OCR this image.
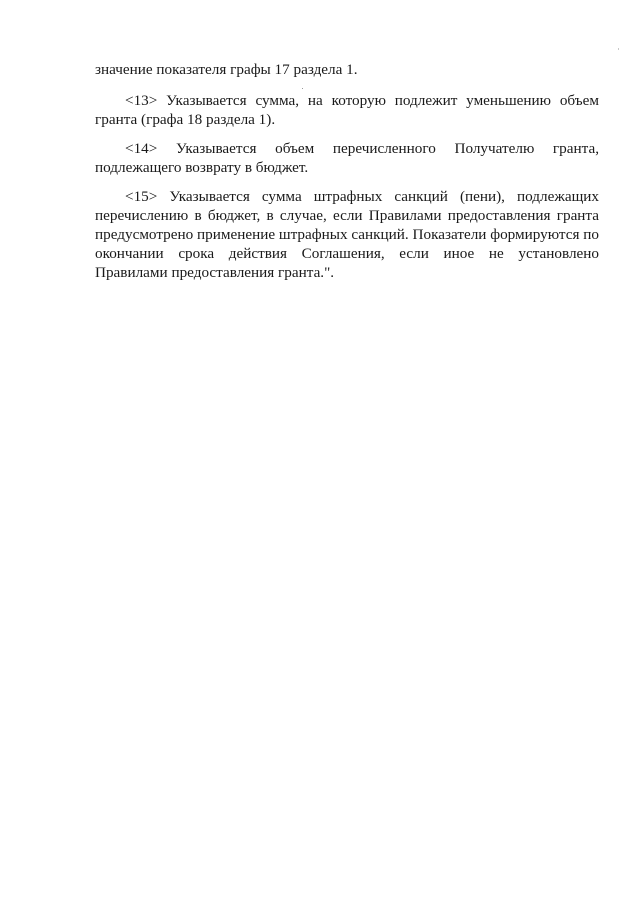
значение показателя графы 17 раздела 1.

<13> Указывается сумма, на которую подлежит уменьшению объем гранта (графа 18 раздела 1).

<14> Указывается объем перечисленного Получателю гранта, подлежащего возврату в бюджет.

<15> Указывается сумма штрафных санкций (пени), подлежащих перечислению в бюджет, в случае, если Правилами предоставления гранта предусмотрено применение штрафных санкций. Показатели формируются по окончании срока действия Соглашения, если иное не установлено Правилами предоставления гранта.".
